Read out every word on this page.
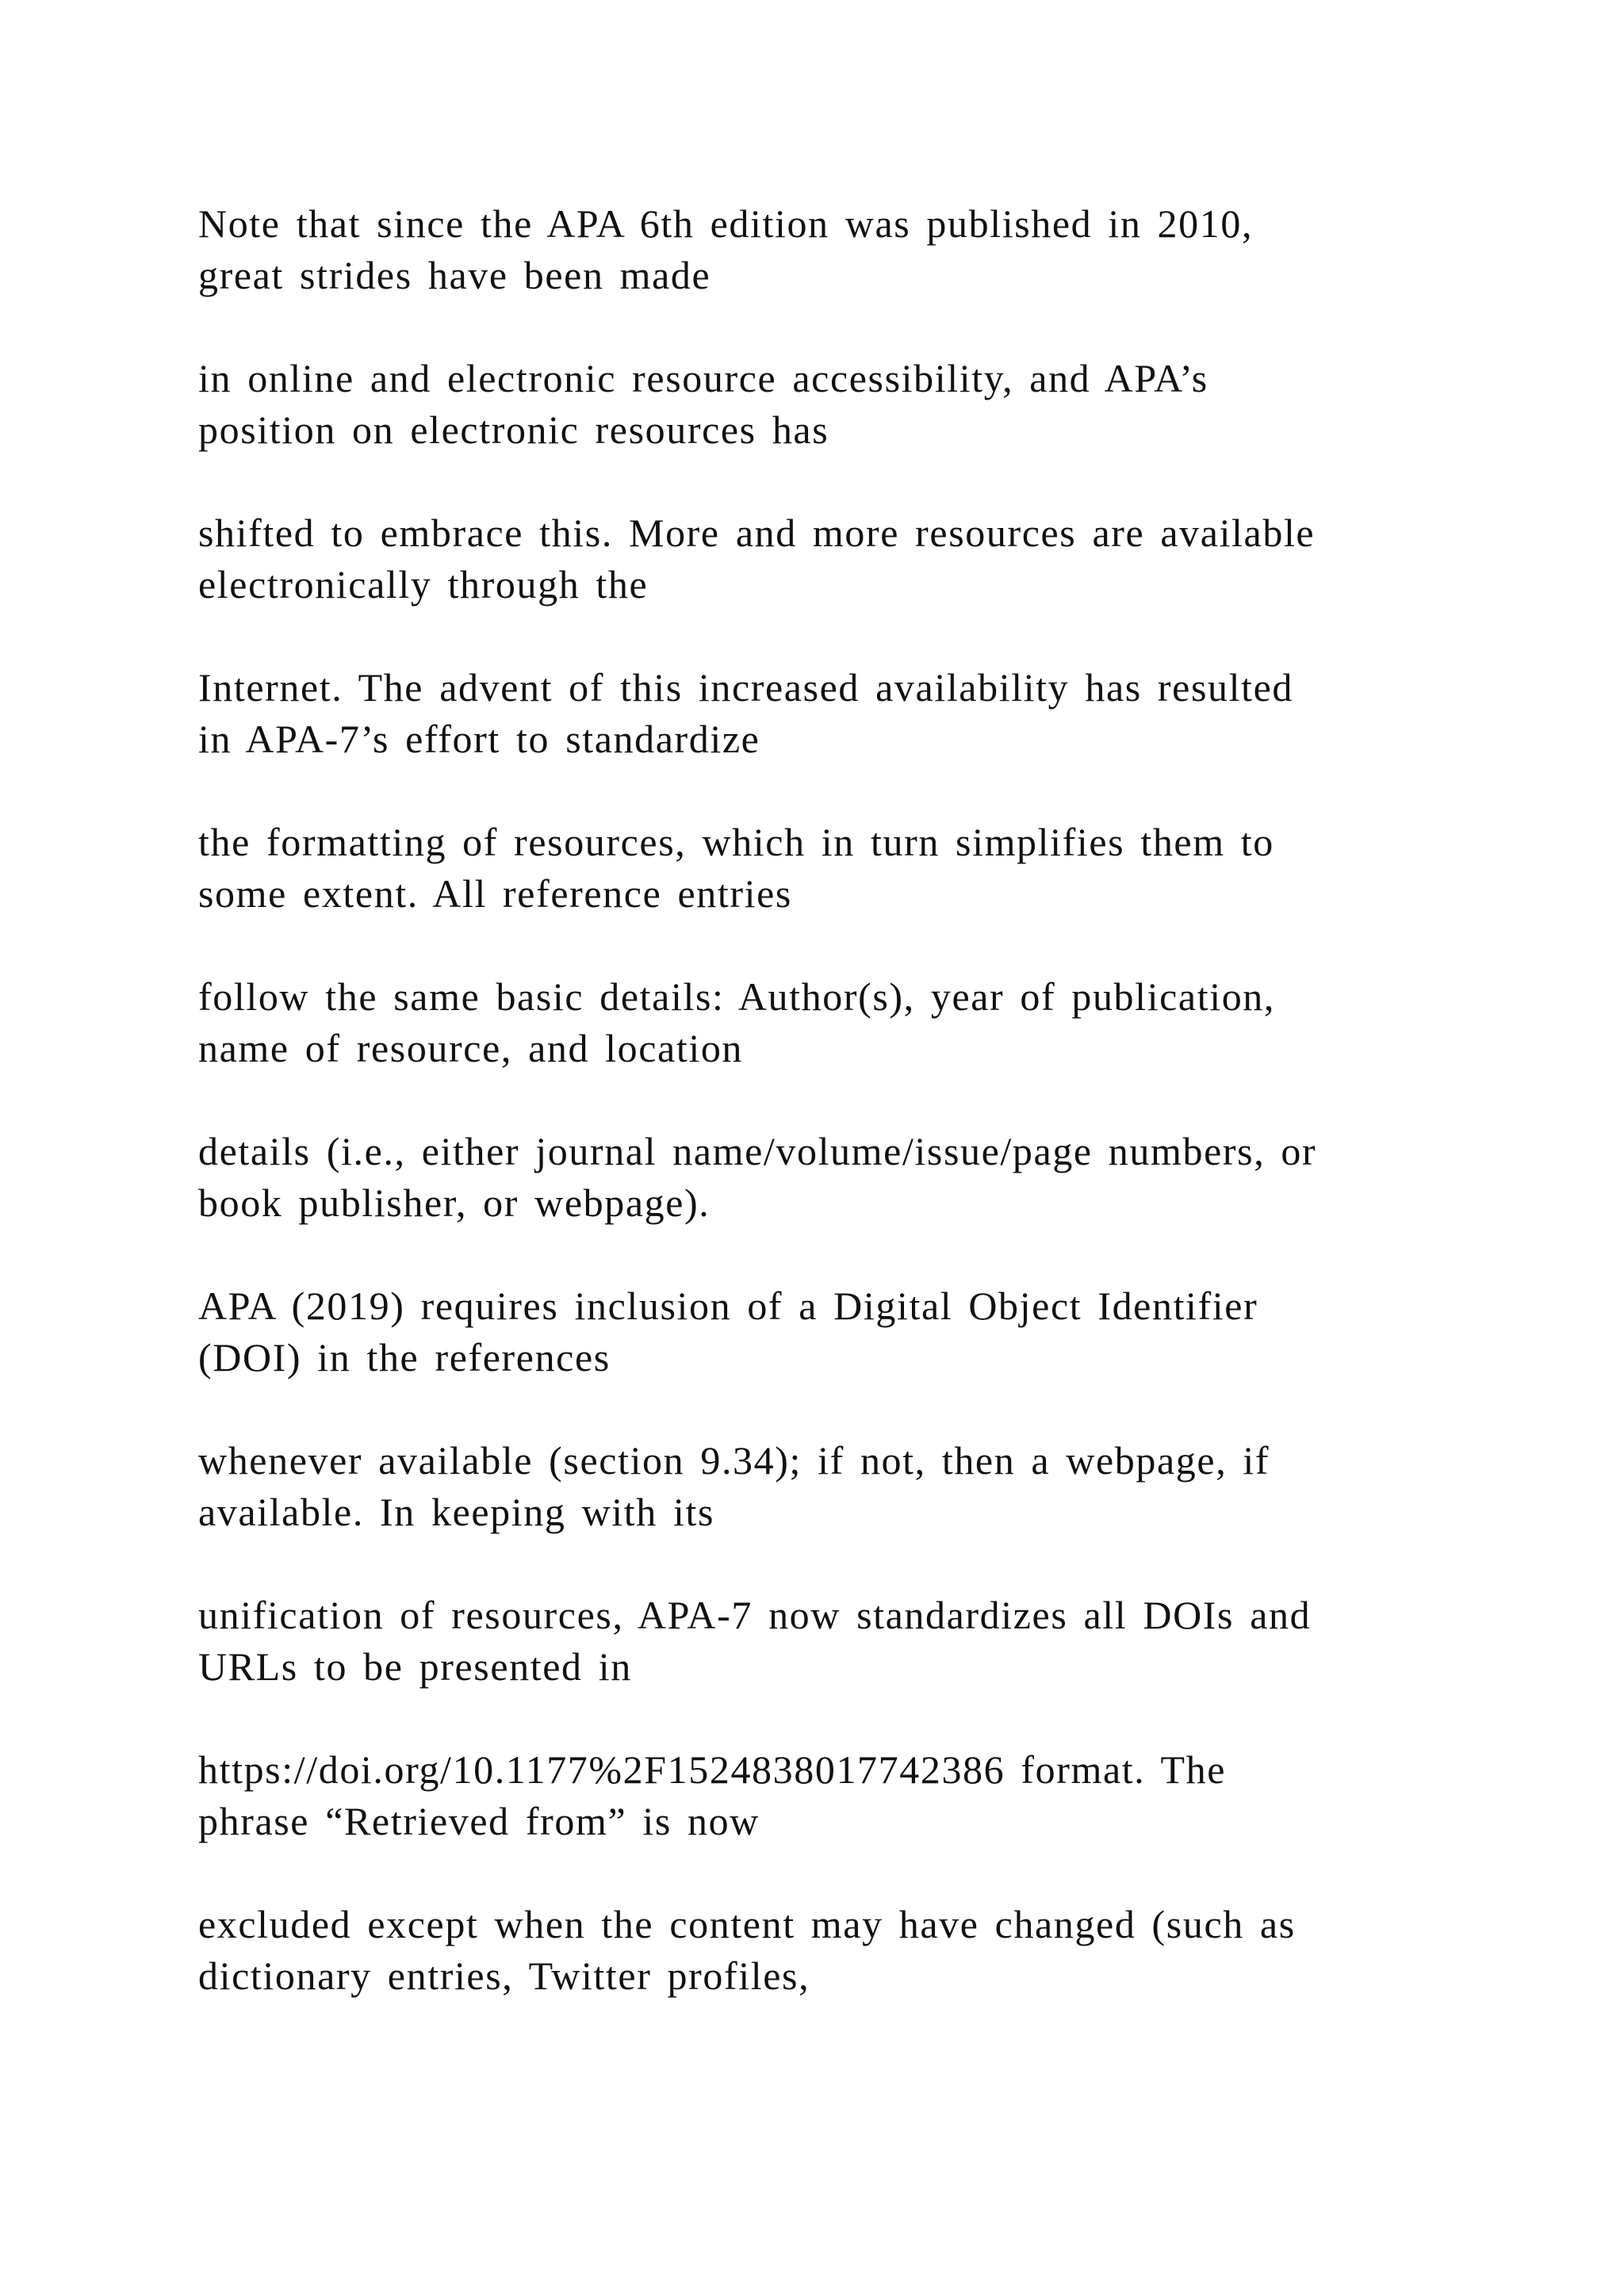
Note that since the APA 6th edition was published in 2010,
great strides have been made

in online and electronic resource accessibility, and APA’s
position on electronic resources has

shifted to embrace this. More and more resources are available
electronically through the

Internet. The advent of this increased availability has resulted
in APA-7’s effort to standardize

the formatting of resources, which in turn simplifies them to
some extent. All reference entries

follow the same basic details: Author(s), year of publication,
name of resource, and location

details (i.e., either journal name/volume/issue/page numbers, or
book publisher, or webpage).

APA (2019) requires inclusion of a Digital Object Identifier
(DOI) in the references

whenever available (section 9.34); if not, then a webpage, if
available. In keeping with its

unification of resources, APA-7 now standardizes all DOIs and
URLs to be presented in

https://doi.org/10.1177%2F1524838017742386 format. The
phrase “Retrieved from” is now

excluded except when the content may have changed (such as
dictionary entries, Twitter profiles,
